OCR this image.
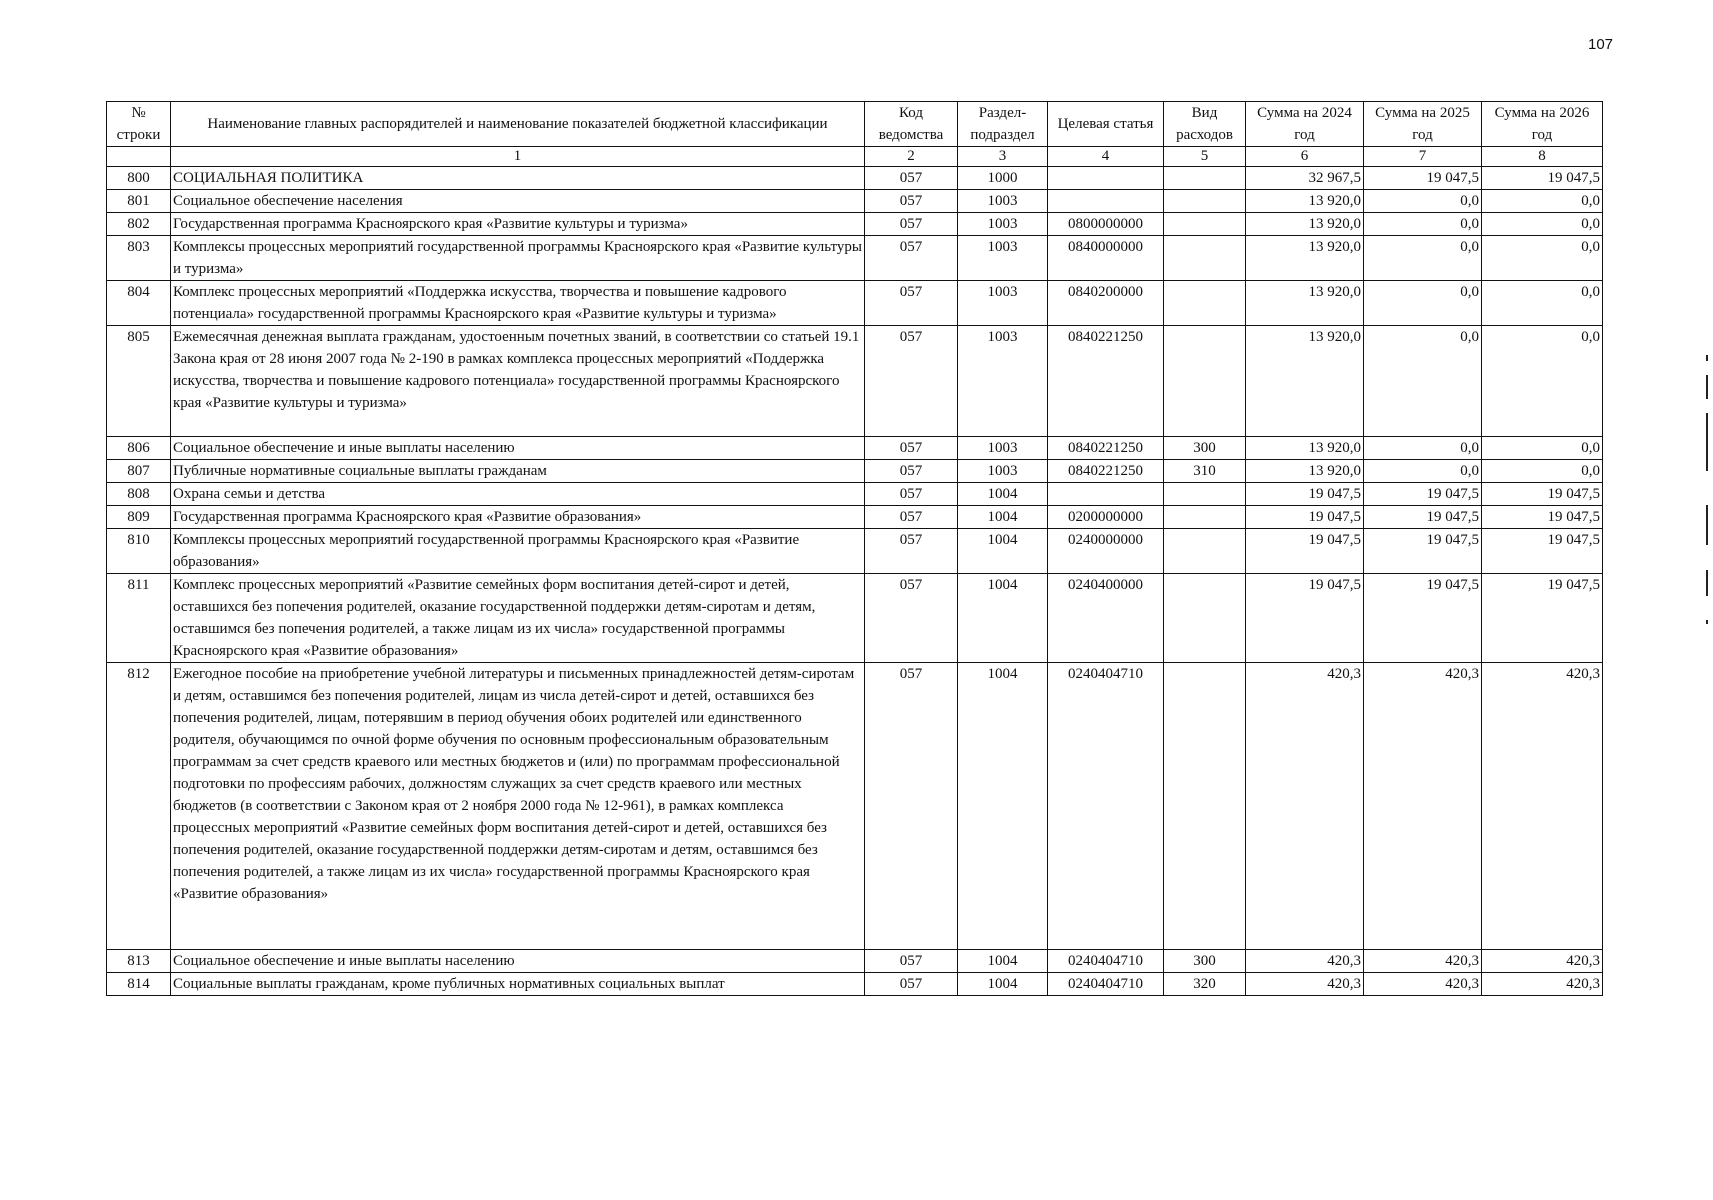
107
№ строки	Наименование главных распорядителей и наименование показателей бюджетной классификации	Код ведомства	Раздел-подраздел	Целевая статья	Вид расходов	Сумма на 2024 год	Сумма на 2025 год	Сумма на 2026 год
	1	2	3	4	5	6	7	8
800	СОЦИАЛЬНАЯ ПОЛИТИКА	057	1000			32 967,5	19 047,5	19 047,5
801	Социальное обеспечение населения	057	1003			13 920,0	0,0	0,0
802	Государственная программа Красноярского края «Развитие культуры и туризма»	057	1003	0800000000		13 920,0	0,0	0,0
803	Комплексы процессных мероприятий государственной программы Красноярского края «Развитие культуры и туризма»	057	1003	0840000000		13 920,0	0,0	0,0
804	Комплекс процессных мероприятий «Поддержка искусства, творчества и повышение кадрового потенциала» государственной программы Красноярского края «Развитие культуры и туризма»	057	1003	0840200000		13 920,0	0,0	0,0
805	Ежемесячная денежная выплата гражданам, удостоенным почетных званий, в соответствии со статьей 19.1 Закона края от 28 июня 2007 года № 2-190 в рамках комплекса процессных мероприятий «Поддержка искусства, творчества и повышение кадрового потенциала» государственной программы Красноярского края «Развитие культуры и туризма»	057	1003	0840221250		13 920,0	0,0	0,0
806	Социальное обеспечение и иные выплаты населению	057	1003	0840221250	300	13 920,0	0,0	0,0
807	Публичные нормативные социальные выплаты гражданам	057	1003	0840221250	310	13 920,0	0,0	0,0
808	Охрана семьи и детства	057	1004			19 047,5	19 047,5	19 047,5
809	Государственная программа Красноярского края «Развитие образования»	057	1004	0200000000		19 047,5	19 047,5	19 047,5
810	Комплексы процессных мероприятий государственной программы Красноярского края «Развитие образования»	057	1004	0240000000		19 047,5	19 047,5	19 047,5
811	Комплекс процессных мероприятий «Развитие семейных форм воспитания детей-сирот и детей, оставшихся без попечения родителей, оказание государственной поддержки детям-сиротам и детям, оставшимся без попечения родителей, а также лицам из их числа» государственной программы Красноярского края «Развитие образования»	057	1004	0240400000		19 047,5	19 047,5	19 047,5
812	Ежегодное пособие на приобретение учебной литературы и письменных принадлежностей детям-сиротам и детям, оставшимся без попечения родителей, лицам из числа детей-сирот и детей, оставшихся без попечения родителей, лицам, потерявшим в период обучения обоих родителей или единственного родителя, обучающимся по очной форме обучения по основным профессиональным образовательным программам за счет средств краевого или местных бюджетов и (или) по программам профессиональной подготовки по профессиям рабочих, должностям служащих за счет средств краевого или местных бюджетов (в соответствии с Законом края от 2 ноября 2000 года № 12-961), в рамках комплекса процессных мероприятий «Развитие семейных форм воспитания детей-сирот и детей, оставшихся без попечения родителей, оказание государственной поддержки детям-сиротам и детям, оставшимся без попечения родителей, а также лицам из их числа» государственной программы Красноярского края «Развитие образования»	057	1004	0240404710		420,3	420,3	420,3
813	Социальное обеспечение и иные выплаты населению	057	1004	0240404710	300	420,3	420,3	420,3
814	Социальные выплаты гражданам, кроме публичных нормативных социальных выплат	057	1004	0240404710	320	420,3	420,3	420,3
